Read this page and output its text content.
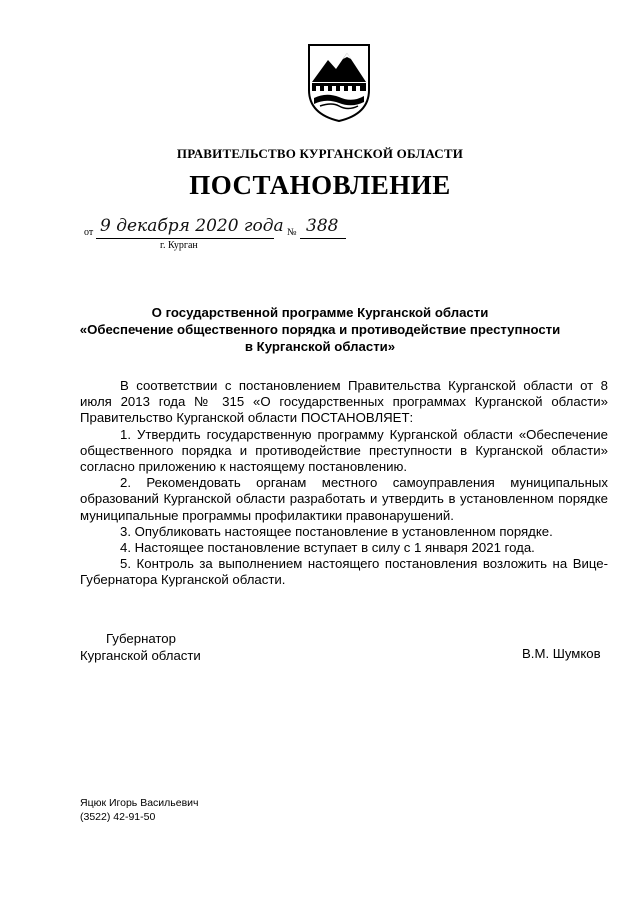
ПРАВИТЕЛЬСТВО КУРГАНСКОЙ ОБЛАСТИ
ПОСТАНОВЛЕНИЕ
от 9 декабря 2020 года № 388
г. Курган
О государственной программе Курганской области
«Обеспечение общественного порядка и противодействие преступности
в Курганской области»

В соответствии с постановлением Правительства Курганской области от 8 июля 2013 года № 315 «О государственных программах Курганской области» Правительство Курганской области ПОСТАНОВЛЯЕТ:

1. Утвердить государственную программу Курганской области «Обеспечение общественного порядка и противодействие преступности в Курганской области» согласно приложению к настоящему постановлению.

2. Рекомендовать органам местного самоуправления муниципальных образований Курганской области разработать и утвердить в установленном порядке муниципальные программы профилактики правонарушений.

3. Опубликовать настоящее постановление в установленном порядке.

4. Настоящее постановление вступает в силу с 1 января 2021 года.

5. Контроль за выполнением настоящего постановления возложить на Вице-Губернатора Курганской области.

Губернатор
Курганской области	В.М. Шумков
Яцюк Игорь Васильевич
(3522) 42-91-50
